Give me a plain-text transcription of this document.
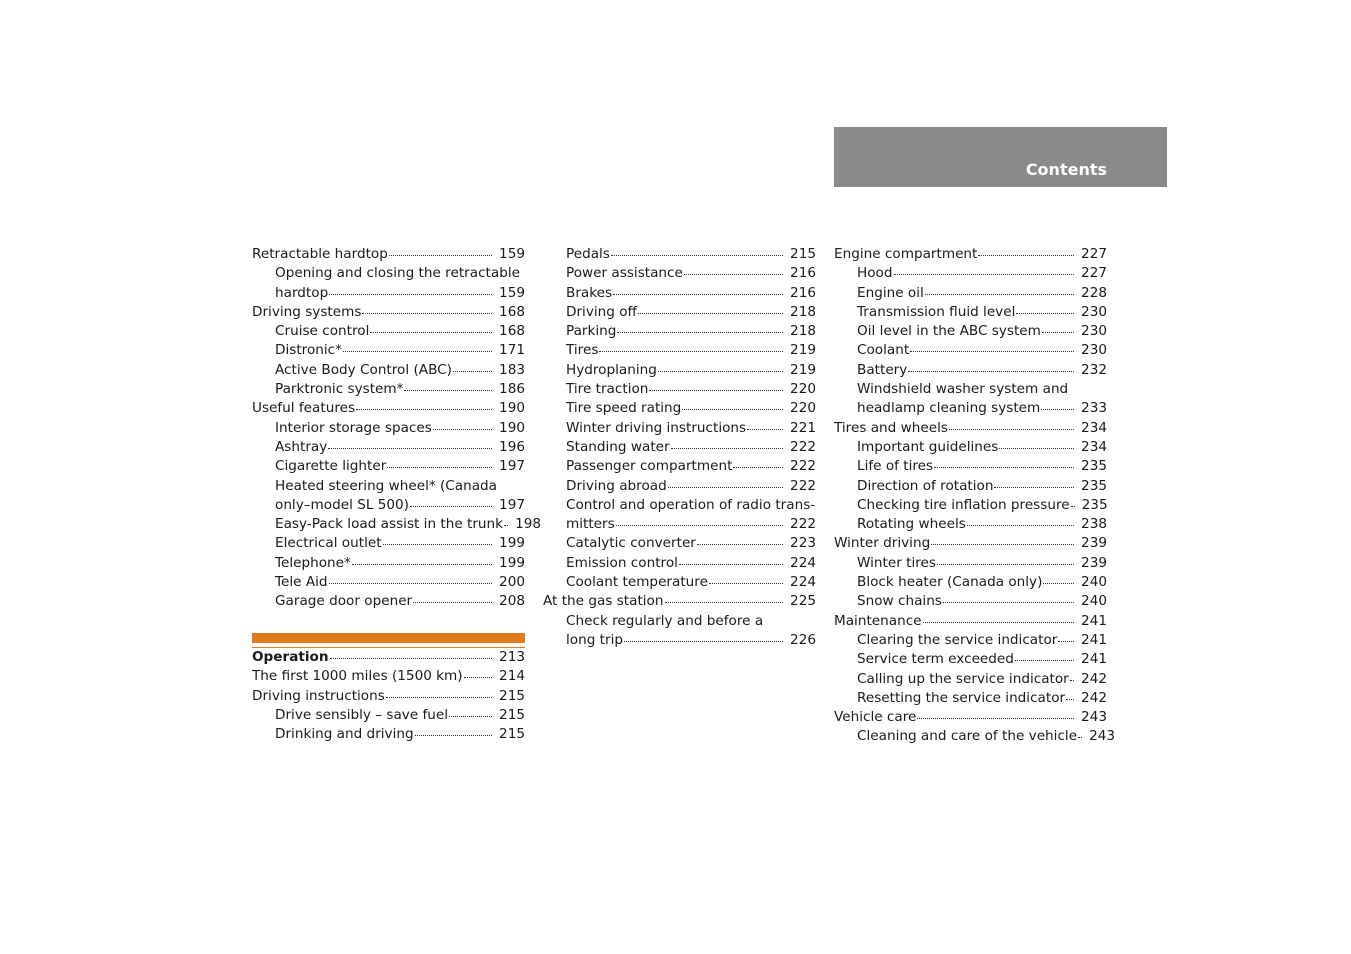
Contents
Retractable hardtop	159
Opening and closing the retractable
hardtop	159
Driving systems	168
Cruise control	168
Distronic*	171
Active Body Control (ABC)	183
Parktronic system*	186
Useful features	190
Interior storage spaces	190
Ashtray	196
Cigarette lighter	197
Heated steering wheel* (Canada
only–model SL 500)	197
Easy-Pack load assist in the trunk 198
Electrical outlet	199
Telephone*	199
Tele Aid	200
Garage door opener	208
Operation	213
The first 1000 miles (1500 km)	214
Driving instructions	215
Drive sensibly – save fuel	215
Drinking and driving	215
Pedals	215
Power assistance	216
Brakes	216
Driving off	218
Parking	218
Tires	219
Hydroplaning	219
Tire traction	220
Tire speed rating	220
Winter driving instructions	221
Standing water	222
Passenger compartment	222
Driving abroad	222
Control and operation of radio trans-
mitters	222
Catalytic converter	223
Emission control	224
Coolant temperature	224
At the gas station	225
Check regularly and before a
long trip	226
Engine compartment	227
Hood	227
Engine oil	228
Transmission fluid level	230
Oil level in the ABC system	230
Coolant	230
Battery	232
Windshield washer system and
headlamp cleaning system	233
Tires and wheels	234
Important guidelines	234
Life of tires	235
Direction of rotation	235
Checking tire inflation pressure 235
Rotating wheels	238
Winter driving	239
Winter tires	239
Block heater (Canada only)	240
Snow chains	240
Maintenance	241
Clearing the service indicator	241
Service term exceeded	241
Calling up the service indicator 242
Resetting the service indicator	242
Vehicle care	243
Cleaning and care of the vehicle 243
